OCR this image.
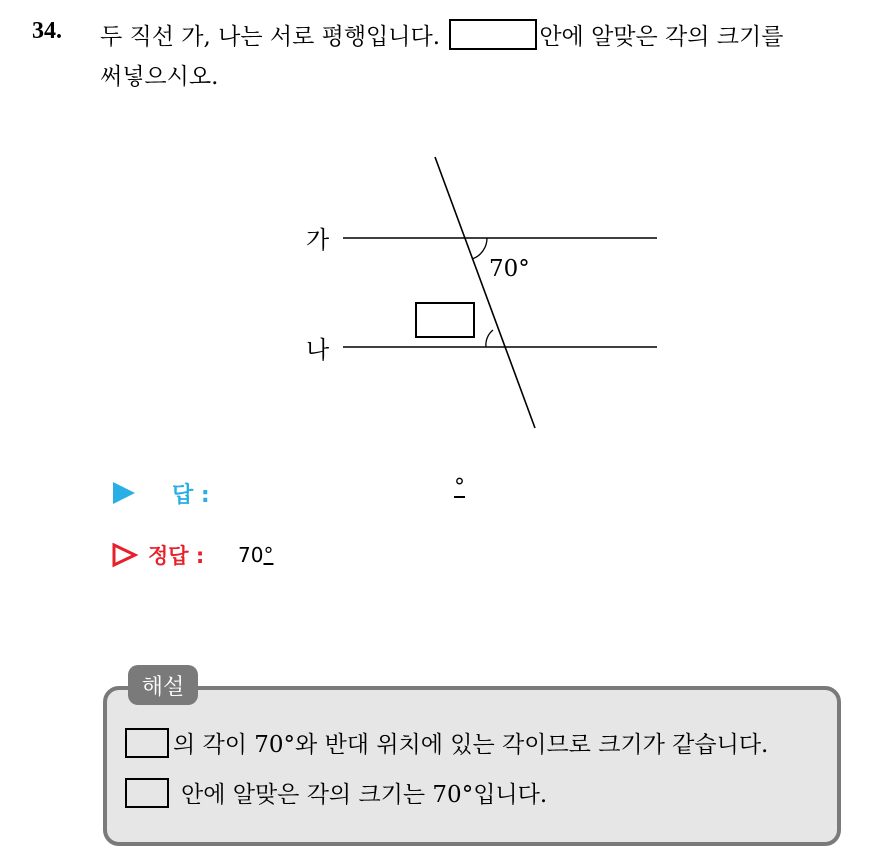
34. 두 직선 가, 나는 서로 평행입니다.	안에 알맞은 각의 크기를
써넣으시오.
가
나
70°
답 :	°
정답 : 70°
해설
의 각이 70°와 반대 위치에 있는 각이므로 크기가 같습니다.
안에 알맞은 각의 크기는 70°입니다.
